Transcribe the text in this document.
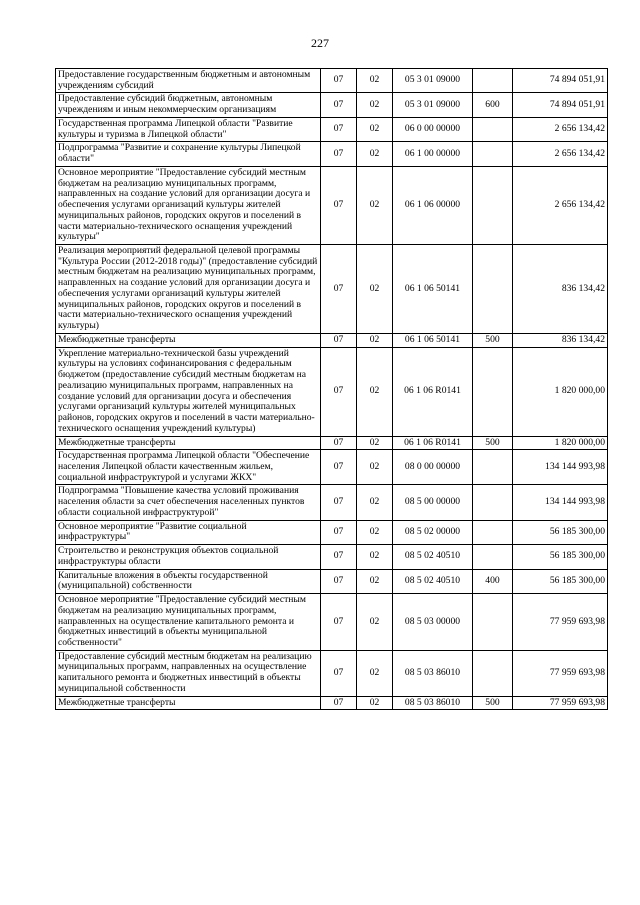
227
Предоставление государственным бюджетным и автономным учреждениям субсидий	07	02	05 3 01 09000		74 894 051,91
Предоставление субсидий бюджетным, автономным учреждениям и иным некоммерческим организациям	07	02	05 3 01 09000	600	74 894 051,91
Государственная программа Липецкой области "Развитие культуры и туризма в Липецкой области"	07	02	06 0 00 00000		2 656 134,42
Подпрограмма "Развитие и сохранение культуры Липецкой области"	07	02	06 1 00 00000		2 656 134,42
Основное мероприятие "Предоставление субсидий местным бюджетам на реализацию муниципальных программ, направленных на создание условий для организации досуга и обеспечения услугами организаций культуры жителей муниципальных районов, городских округов и поселений в части материально-технического оснащения учреждений культуры"	07	02	06 1 06 00000		2 656 134,42
Реализация мероприятий федеральной целевой программы "Культура России (2012-2018 годы)" (предоставление субсидий местным бюджетам на реализацию муниципальных программ, направленных на создание условий для организации досуга и обеспечения услугами организаций культуры жителей муниципальных районов, городских округов и поселений в части материально-технического оснащения учреждений культуры)	07	02	06 1 06 50141		836 134,42
Межбюджетные трансферты	07	02	06 1 06 50141	500	836 134,42
Укрепление материально-технической базы учреждений культуры на условиях софинансирования с федеральным бюджетом (предоставление субсидий местным бюджетам на реализацию муниципальных программ, направленных на создание условий для организации досуга и обеспечения услугами организаций культуры жителей муниципальных районов, городских округов и поселений в части материально-технического оснащения учреждений культуры)	07	02	06 1 06 R0141		1 820 000,00
Межбюджетные трансферты	07	02	06 1 06 R0141	500	1 820 000,00
Государственная программа Липецкой области "Обеспечение населения Липецкой области качественным жильем, социальной инфраструктурой и услугами ЖКХ"	07	02	08 0 00 00000		134 144 993,98
Подпрограмма "Повышение качества условий проживания населения области за счет обеспечения населенных пунктов области социальной инфраструктурой"	07	02	08 5 00 00000		134 144 993,98
Основное мероприятие "Развитие социальной инфраструктуры"	07	02	08 5 02 00000		56 185 300,00
Строительство и реконструкция объектов социальной инфраструктуры области	07	02	08 5 02 40510		56 185 300,00
Капитальные вложения в объекты государственной (муниципальной) собственности	07	02	08 5 02 40510	400	56 185 300,00
Основное мероприятие "Предоставление субсидий местным бюджетам на реализацию муниципальных программ, направленных на осуществление капитального ремонта и бюджетных инвестиций в объекты муниципальной собственности"	07	02	08 5 03 00000		77 959 693,98
Предоставление субсидий местным бюджетам на реализацию муниципальных программ, направленных на осуществление капитального ремонта и бюджетных инвестиций в объекты муниципальной собственности	07	02	08 5 03 86010		77 959 693,98
Межбюджетные трансферты	07	02	08 5 03 86010	500	77 959 693,98
